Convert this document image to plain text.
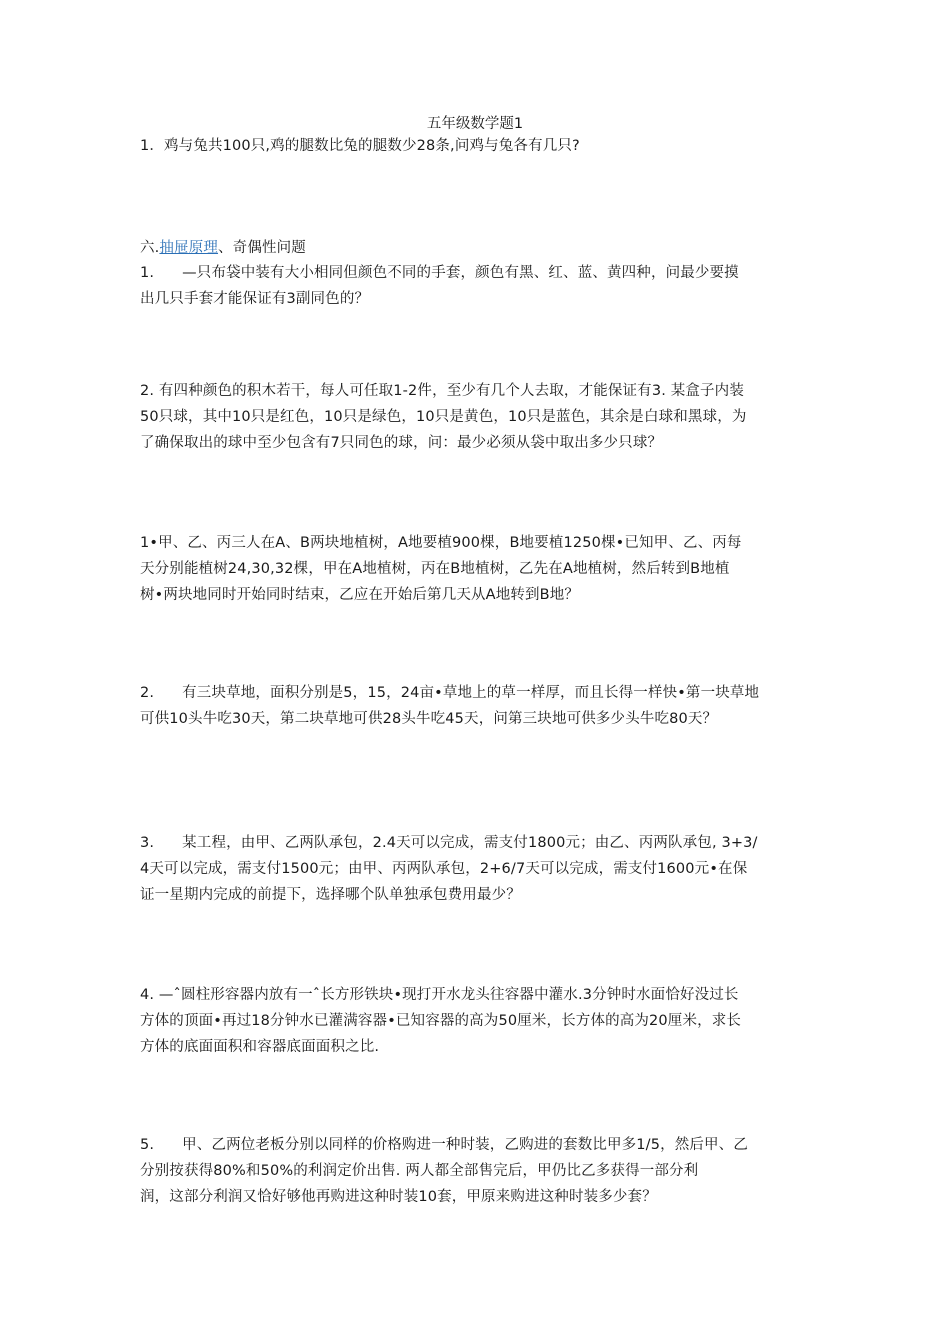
五年级数学题1
1．鸡与兔共100只,鸡的腿数比兔的腿数少28条,问鸡与兔各有几只?
六.抽屉原理、奇偶性问题
1. —只布袋中装有大小相同但颜色不同的手套，颜色有黑、红、蓝、黄四种，问最少要摸
出几只手套才能保证有3副同色的？
2. 有四种颜色的积木若干，每人可任取1-2件，至少有几个人去取，才能保证有3. 某盒子内装
50只球，其中10只是红色，10只是绿色，10只是黄色，10只是蓝色，其余是白球和黑球，为
了确保取出的球中至少包含有7只同色的球，问：最少必须从袋中取出多少只球？
1•甲、乙、丙三人在A、B两块地植树，A地要植900棵，B地要植1250棵•已知甲、乙、丙每
天分别能植树24,30,32棵，甲在A地植树，丙在B地植树，乙先在A地植树，然后转到B地植
树•两块地同时开始同时结束，乙应在开始后第几天从A地转到B地？
2. 有三块草地，面积分别是5，15，24亩•草地上的草一样厚，而且长得一样快•第一块草地
可供10头牛吃30天，第二块草地可供28头牛吃45天，问第三块地可供多少头牛吃80天？
3. 某工程，由甲、乙两队承包，2.4天可以完成，需支付1800元；由乙、丙两队承包, 3+3/
4天可以完成，需支付1500元；由甲、丙两队承包，2+6/7天可以完成，需支付1600元•在保
证一星期内完成的前提下，选择哪个队单独承包费用最少？
4. —ˆ圆柱形容器内放有一ˆ长方形铁块•现打开水龙头往容器中灌水.3分钟时水面恰好没过长
方体的顶面•再过18分钟水已灌满容器•已知容器的高为50厘米，长方体的高为20厘米，求长
方体的底面面积和容器底面面积之比.
5. 甲、乙两位老板分别以同样的价格购进一种时装，乙购进的套数比甲多1/5，然后甲、乙
分别按获得80%和50%的利润定价出售. 两人都全部售完后，甲仍比乙多获得一部分利
润，这部分利润又恰好够他再购进这种时装10套，甲原来购进这种时装多少套？
